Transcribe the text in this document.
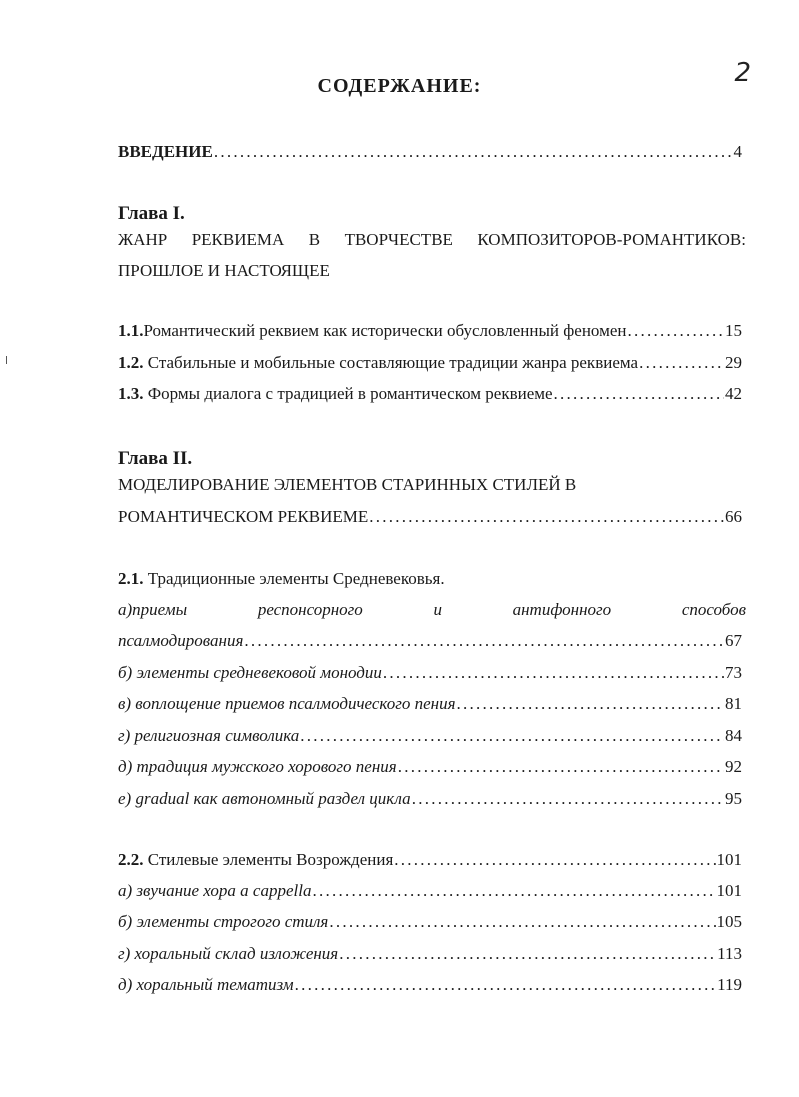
2
СОДЕРЖАНИЕ:
ВВЕДЕНИЕ . . .	4
Глава I.
ЖАНР РЕКВИЕМА В ТВОРЧЕСТВЕ КОМПОЗИТОРОВ-РОМАНТИКОВ:
ПРОШЛОЕ И НАСТОЯЩЕЕ
1.1.Романтический реквием как исторически обусловленный феномен . . .	15
1.2. Стабильные и мобильные составляющие традиции жанра реквиема . . .	29
1.3. Формы диалога с традицией в романтическом реквиеме . . .	42
Глава II.
МОДЕЛИРОВАНИЕ ЭЛЕМЕНТОВ СТАРИННЫХ СТИЛЕЙ В
РОМАНТИЧЕСКОМ РЕКВИЕМЕ . . .	66
2.1. Традиционные элементы Средневековья.
а)приемы	респонсорного	и	антифонного	способов
псалмодирования . . .	67
б) элементы средневековой монодии . . .	73
в) воплощение приемов псалмодического пения . . .	81
г) религиозная символика . . .	84
д) традиция мужского хорового пения . . .	92
е) gradual как автономный раздел цикла . . .	95
2.2. Стилевые элементы Возрождения . . .	101
а) звучание хора a cappella . . .	101
б) элементы строгого стиля . . .	105
г) хоральный склад изложения . . .	113
д) хоральный тематизм . . .	119
